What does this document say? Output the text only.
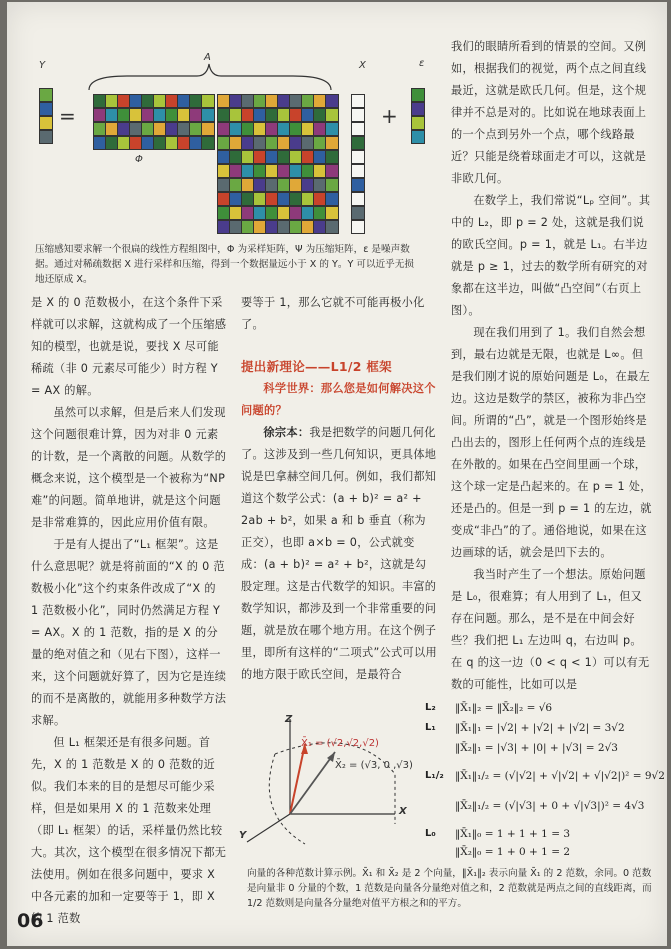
Y
A
X	ε
Φ
=	+
压缩感知要求解一个很扁的线性方程组图中，Φ 为采样矩阵，Ψ 为压缩矩阵，ε 是噪声数据。通过对稀疏数据 X 进行采样和压缩，得到一个数据量远小于 X 的 Y。Y 可以近乎无损地还原成 X。

是 X 的 0 范数极小，在这个条件下采样就可以求解，这就构成了一个压缩感知的模型，也就是说，要找 X 尽可能稀疏（非 0 元素尽可能少）时方程 Y = AX 的解。

虽然可以求解，但是后来人们发现这个问题很难计算，因为对非 0 元素的计数，是一个离散的问题。从数学的概念来说，这个模型是一个被称为“NP 难”的问题。简单地讲，就是这个问题是非常难算的，因此应用价值有限。

于是有人提出了“L₁ 框架”。这是什么意思呢？就是将前面的“X 的 0 范数极小化”这个约束条件改成了“X 的 1 范数极小化”，同时仍然满足方程 Y = AX。X 的 1 范数，指的是 X 的分量的绝对值之和（见右下图），这样一来，这个问题就好算了，因为它是连续的而不是离散的，就能用多种数学方法求解。

但 L₁ 框架还是有很多问题。首先，X 的 1 范数是 X 的 0 范数的近似。我们本来的目的是想尽可能少采样，但是如果用 X 的 1 范数来处理（即 L₁ 框架）的话，采样量仍然比较大。其次，这个模型在很多情况下都无法使用。例如在很多问题中，要求 X 中各元素的加和一定要等于 1，即 X 的 1 范数

要等于 1，那么它就不可能再极小化了。

提出新理论——L1/2 框架

科学世界：那么您是如何解决这个问题的？

徐宗本：我是把数学的问题几何化了。这涉及到一些几何知识，更具体地说是巴拿赫空间几何。例如，我们都知道这个数学公式：(a + b)² = a² + 2ab + b²，如果 a 和 b 垂直（称为正交），也即 a×b = 0，公式就变成：(a + b)² = a² + b²，这就是勾股定理。这是古代数学的知识。丰富的数学知识，都涉及到一个非常重要的问题，就是放在哪个地方用。在这个例子里，即所有这样的“二项式”公式可以用的地方限于欧氏空间，是最符合

我们的眼睛所看到的情景的空间。又例如，根据我们的视觉，两个点之间直线最近，这就是欧氏几何。但是，这个规律并不总是对的。比如说在地球表面上的一个点到另外一个点，哪个线路最近？只能是绕着球面走才可以，这就是非欧几何。

在数学上，我们常说“Lₚ 空间”。其中的 L₂，即 p = 2 处，这就是我们说的欧氏空间。p = 1，就是 L₁。右半边就是 p ≥ 1，过去的数学所有研究的对象都在这半边，叫做“凸空间”（右页上图）。

现在我们用到了 1。我们自然会想到，最右边就是无限，也就是 L∞。但是我们刚才说的原始问题是 L₀，在最左边。这边是数学的禁区，被称为非凸空间。所谓的“凸”，就是一个图形始终是凸出去的，图形上任何两个点的连线是在外散的。如果在凸空间里画一个球，这个球一定是凸起来的。在 p = 1 处，还是凸的。但是一到 p = 1 的左边，就变成“非凸”的了。通俗地说，如果在这边画球的话，就会是凹下去的。

我当时产生了一个想法。原始问题是 L₀，很难算；有人用到了 L₁，但又存在问题。那么，是不是在中间会好些？我们把 L₁ 左边叫 q，右边叫 p。在 q 的这一边（0 < q < 1）可以有无数的可能性，比如可以是

Z
X
Y
X̄₁ = (√2,√2,√2)
X̄₂ = (√3, 0 ,√3)
L₂ ‖X̄₁‖₂ = ‖X̄₂‖₂ = √6
L₁ ‖X̄₁‖₁ = |√2| + |√2| + |√2| = 3√2
‖X̄₂‖₁ = |√3| + |0| + |√3| = 2√3
L₁/₂ ‖X̄₁‖₁/₂ = (√|√2| + √|√2| + √|√2|)² = 9√2
‖X̄₂‖₁/₂ = (√|√3| + 0 + √|√3|)² = 4√3
L₀ ‖X̄₁‖₀ = 1 + 1 + 1 = 3
‖X̄₂‖₀ = 1 + 0 + 1 = 2
向量的各种范数计算示例。X̄₁ 和 X̄₂ 是 2 个向量，‖X̄₁‖₂ 表示向量 X̄₁ 的 2 范数，余同。0 范数是向量非 0 分量的个数，1 范数是向量各分量绝对值之和，2 范数就是两点之间的直线距离，而 1/2 范数则是向量各分量绝对值平方根之和的平方。
06
